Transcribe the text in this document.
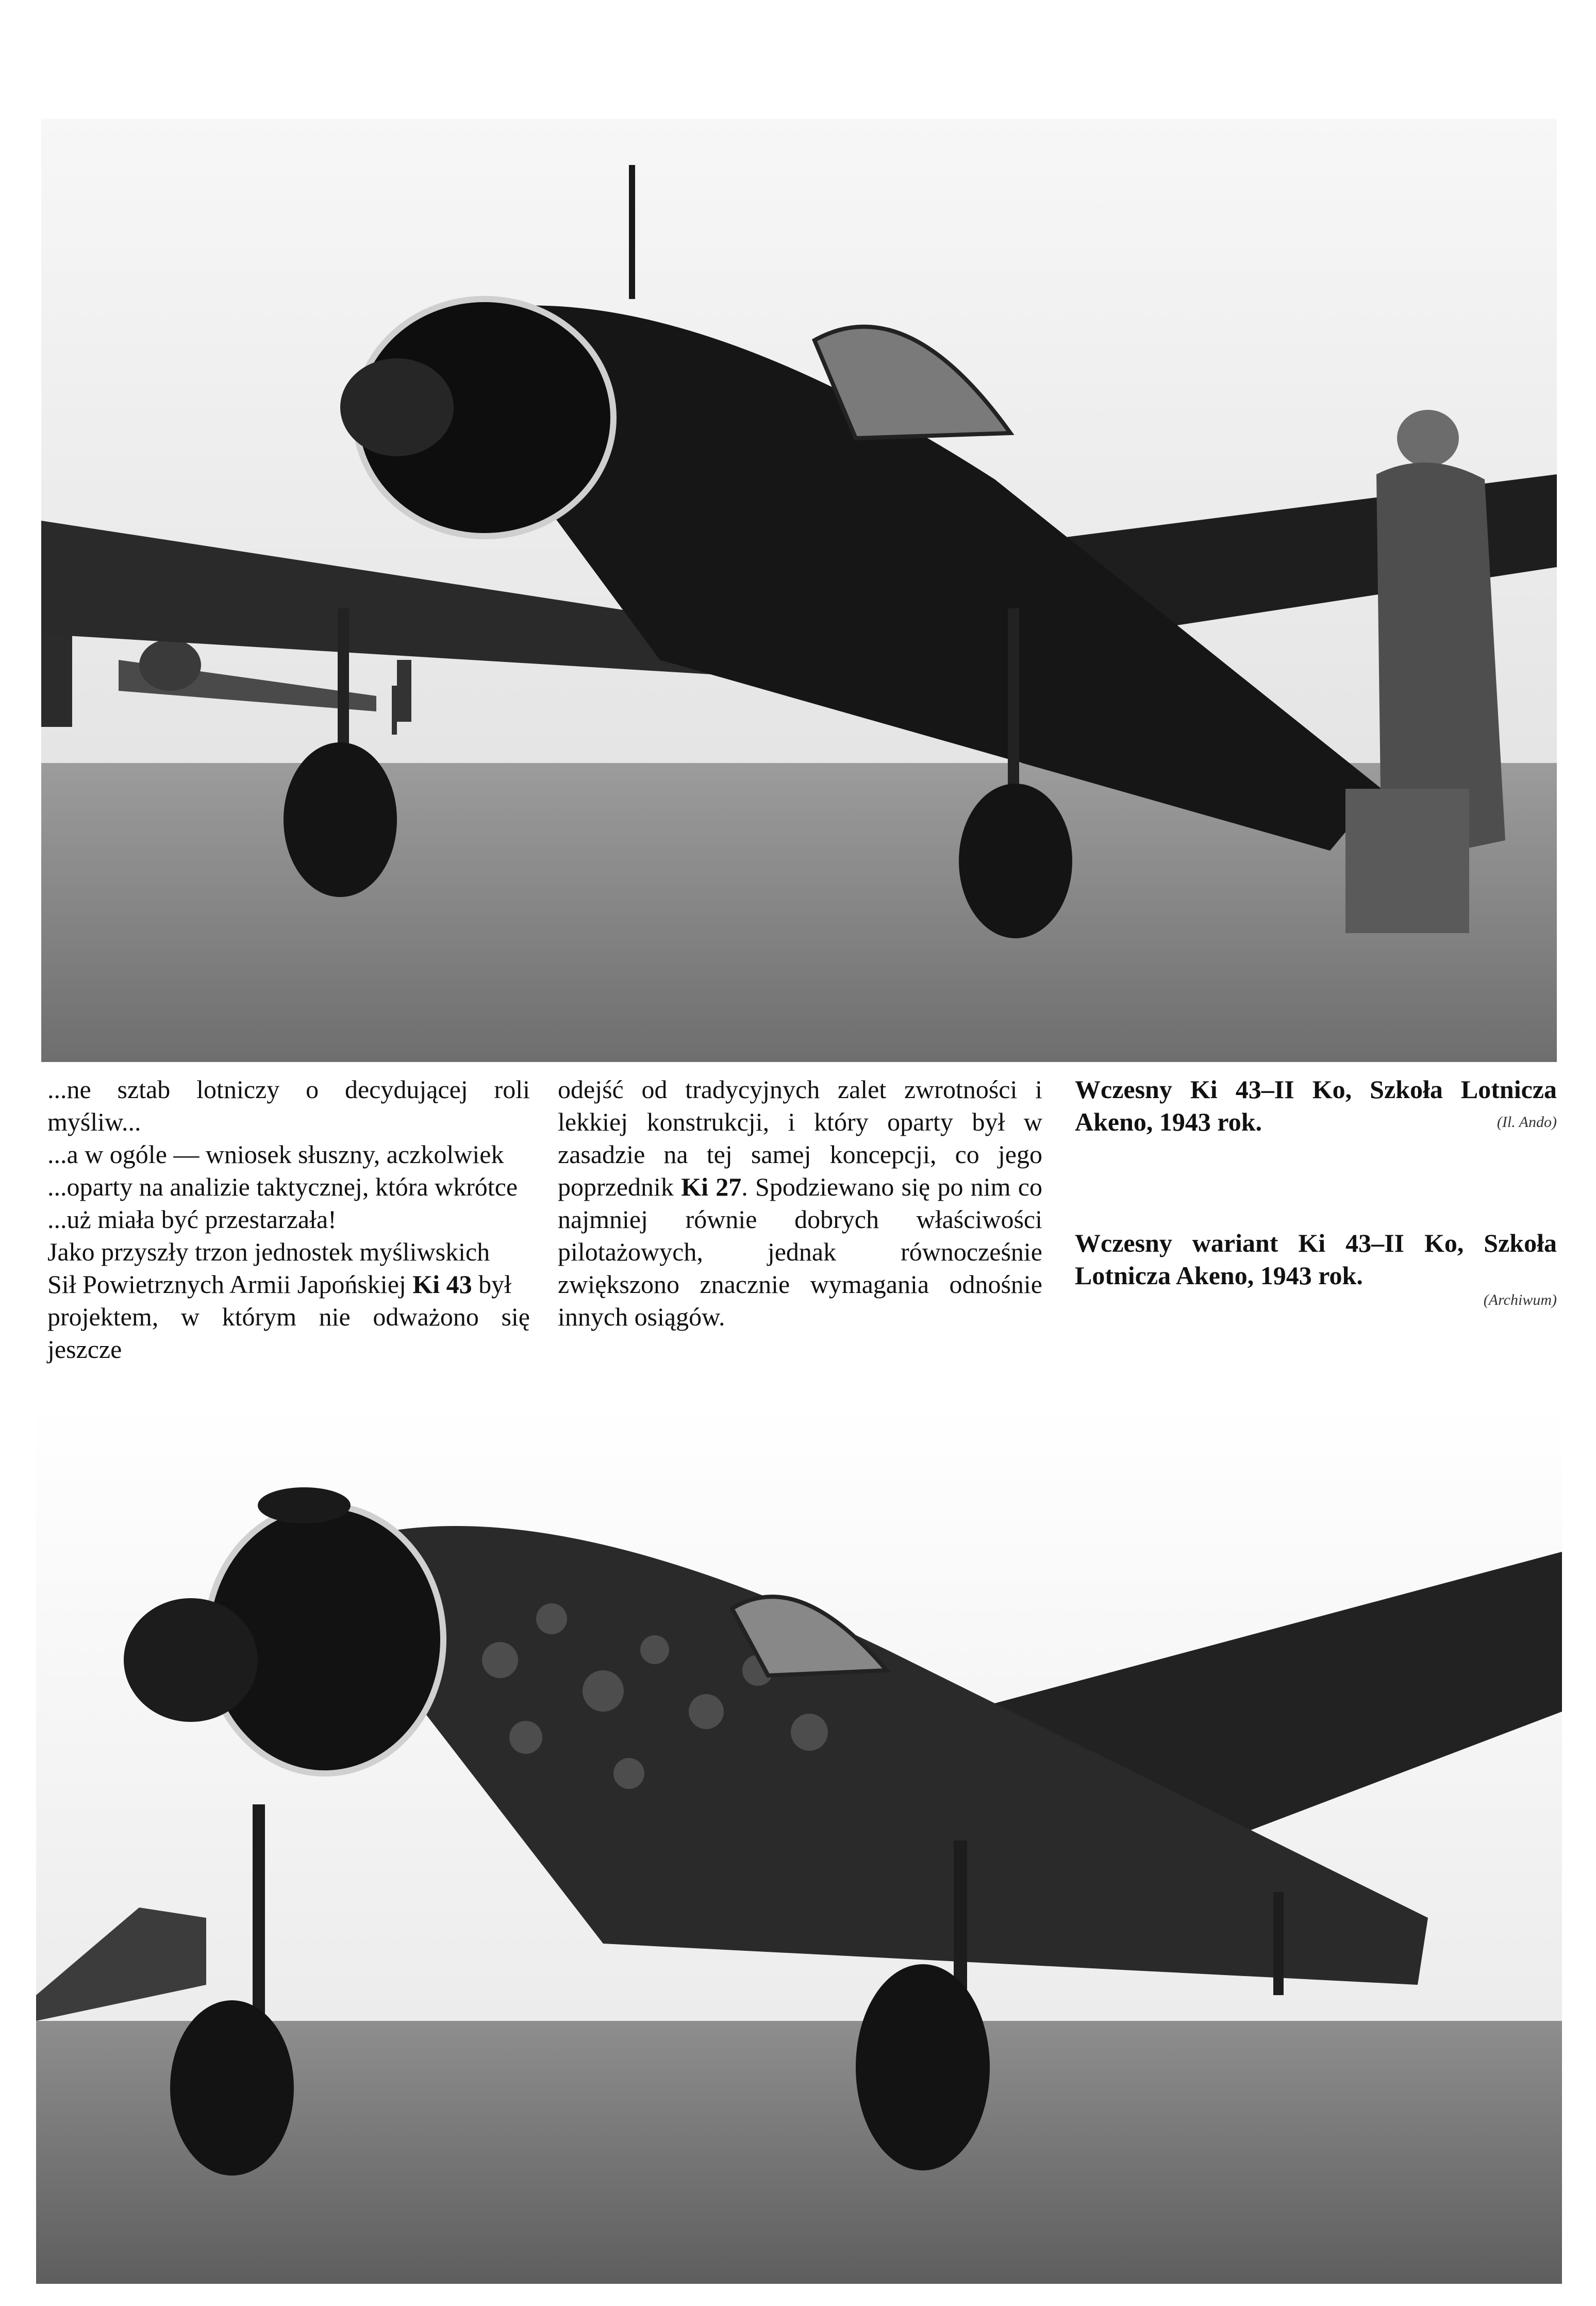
...ne sztab lotniczy o decydującej roli myśliw...

...a w ogóle — wniosek słuszny, aczkolwiek

...oparty na analizie taktycznej, która wkrótce

...uż miała być przestarzała!

Jako przyszły trzon jednostek myśliwskich

Sił Powietrznych Armii Japońskiej Ki 43 był

projektem, w którym nie odważono się jeszcze

odejść od tradycyjnych zalet zwrotności i lekkiej konstrukcji, i który oparty był w zasadzie na tej samej koncepcji, co jego poprzednik Ki 27. Spodziewano się po nim co najmniej równie dobrych właściwości pilotażowych, jednak równocześnie zwiększono znacznie wymagania odnośnie innych osiągów.

Wczesny Ki 43–II Ko, Szkoła Lotnicza Akeno, 1943 rok.	(Il. Ando)
Wczesny wariant Ki 43–II Ko, Szkoła Lotnicza Akeno, 1943 rok.
(Archiwum)
